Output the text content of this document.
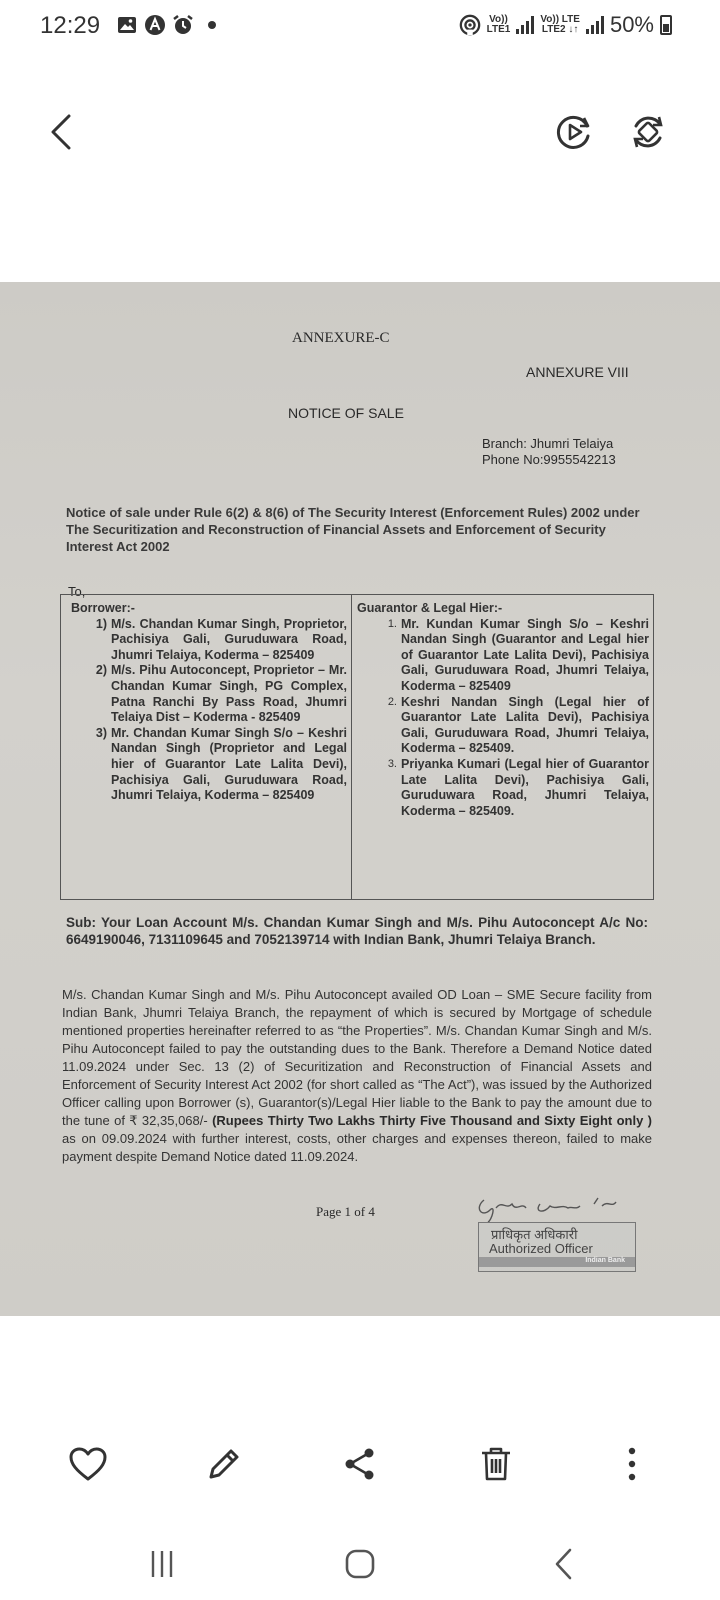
12:29	Vo))
LTE1
Vo)) LTE
LTE2 ↓↑ 50%
ANNEXURE-C
ANNEXURE VIII
NOTICE OF SALE
Branch: Jhumri Telaiya
Phone No:9955542213
Notice of sale under Rule 6(2) & 8(6) of The Security Interest (Enforcement Rules) 2002 under The Securitization and Reconstruction of Financial Assets and Enforcement of Security Interest Act 2002
To,
Borrower:-
1) M/s. Chandan Kumar Singh, Proprietor, Pachisiya Gali, Guruduwara Road, Jhumri Telaiya, Koderma – 825409
2) M/s. Pihu Autoconcept, Proprietor – Mr. Chandan Kumar Singh, PG Complex, Patna Ranchi By Pass Road, Jhumri Telaiya Dist – Koderma - 825409
3) Mr. Chandan Kumar Singh S/o – Keshri Nandan Singh (Proprietor and Legal hier of Guarantor Late Lalita Devi), Pachisiya Gali, Guruduwara Road, Jhumri Telaiya, Koderma – 825409
Guarantor & Legal Hier:-
1. Mr. Kundan Kumar Singh S/o – Keshri Nandan Singh (Guarantor and Legal hier of Guarantor Late Lalita Devi), Pachisiya Gali, Guruduwara Road, Jhumri Telaiya, Koderma – 825409
2. Keshri Nandan Singh (Legal hier of Guarantor Late Lalita Devi), Pachisiya Gali, Guruduwara Road, Jhumri Telaiya, Koderma – 825409.
3. Priyanka Kumari (Legal hier of Guarantor Late Lalita Devi), Pachisiya Gali, Guruduwara Road, Jhumri Telaiya, Koderma – 825409.
Sub: Your Loan Account M/s. Chandan Kumar Singh and M/s. Pihu Autoconcept A/c No: 6649190046, 7131109645 and 7052139714 with Indian Bank, Jhumri Telaiya Branch.
M/s. Chandan Kumar Singh and M/s. Pihu Autoconcept availed OD Loan – SME Secure facility from Indian Bank, Jhumri Telaiya Branch, the repayment of which is secured by Mortgage of schedule mentioned properties hereinafter referred to as “the Properties”. M/s. Chandan Kumar Singh and M/s. Pihu Autoconcept failed to pay the outstanding dues to the Bank. Therefore a Demand Notice dated 11.09.2024 under Sec. 13 (2) of Securitization and Reconstruction of Financial Assets and Enforcement of Security Interest Act 2002 (for short called as “The Act”), was issued by the Authorized Officer calling upon Borrower (s), Guarantor(s)/Legal Hier liable to the Bank to pay the amount due to the tune of ₹ 32,35,068/- (Rupees Thirty Two Lakhs Thirty Five Thousand and Sixty Eight only ) as on 09.09.2024 with further interest, costs, other charges and expenses thereon, failed to make payment despite Demand Notice dated 11.09.2024.
Page 1 of 4
प्राधिकृत अधिकारी
Authorized Officer
Indian Bank
